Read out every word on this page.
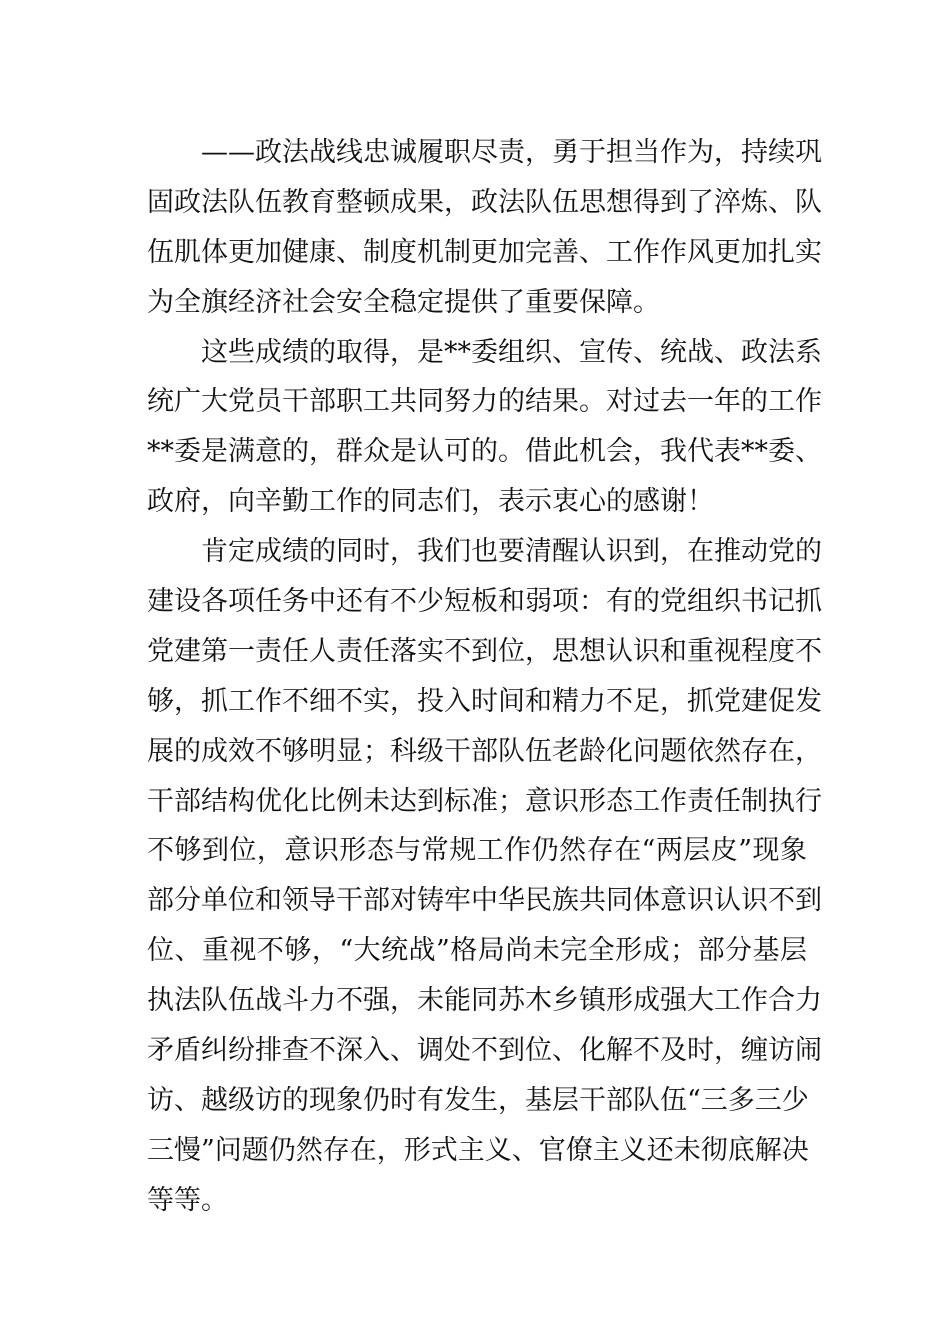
——政法战线忠诚履职尽责，勇于担当作为，持续巩
固政法队伍教育整顿成果，政法队伍思想得到了淬炼、队
伍肌体更加健康、制度机制更加完善、工作作风更加扎实
为全旗经济社会安全稳定提供了重要保障。
这些成绩的取得，是**委组织、宣传、统战、政法系
统广大党员干部职工共同努力的结果。对过去一年的工作
**委是满意的，群众是认可的。借此机会，我代表**委、
政府，向辛勤工作的同志们，表示衷心的感谢！
肯定成绩的同时，我们也要清醒认识到，在推动党的
建设各项任务中还有不少短板和弱项：有的党组织书记抓
党建第一责任人责任落实不到位，思想认识和重视程度不
够，抓工作不细不实，投入时间和精力不足，抓党建促发
展的成效不够明显；科级干部队伍老龄化问题依然存在，
干部结构优化比例未达到标准；意识形态工作责任制执行
不够到位，意识形态与常规工作仍然存在“两层皮”现象
部分单位和领导干部对铸牢中华民族共同体意识认识不到
位、重视不够，“大统战”格局尚未完全形成；部分基层
执法队伍战斗力不强，未能同苏木乡镇形成强大工作合力
矛盾纠纷排查不深入、调处不到位、化解不及时，缠访闹
访、越级访的现象仍时有发生，基层干部队伍“三多三少
三慢”问题仍然存在，形式主义、官僚主义还未彻底解决
等等。
